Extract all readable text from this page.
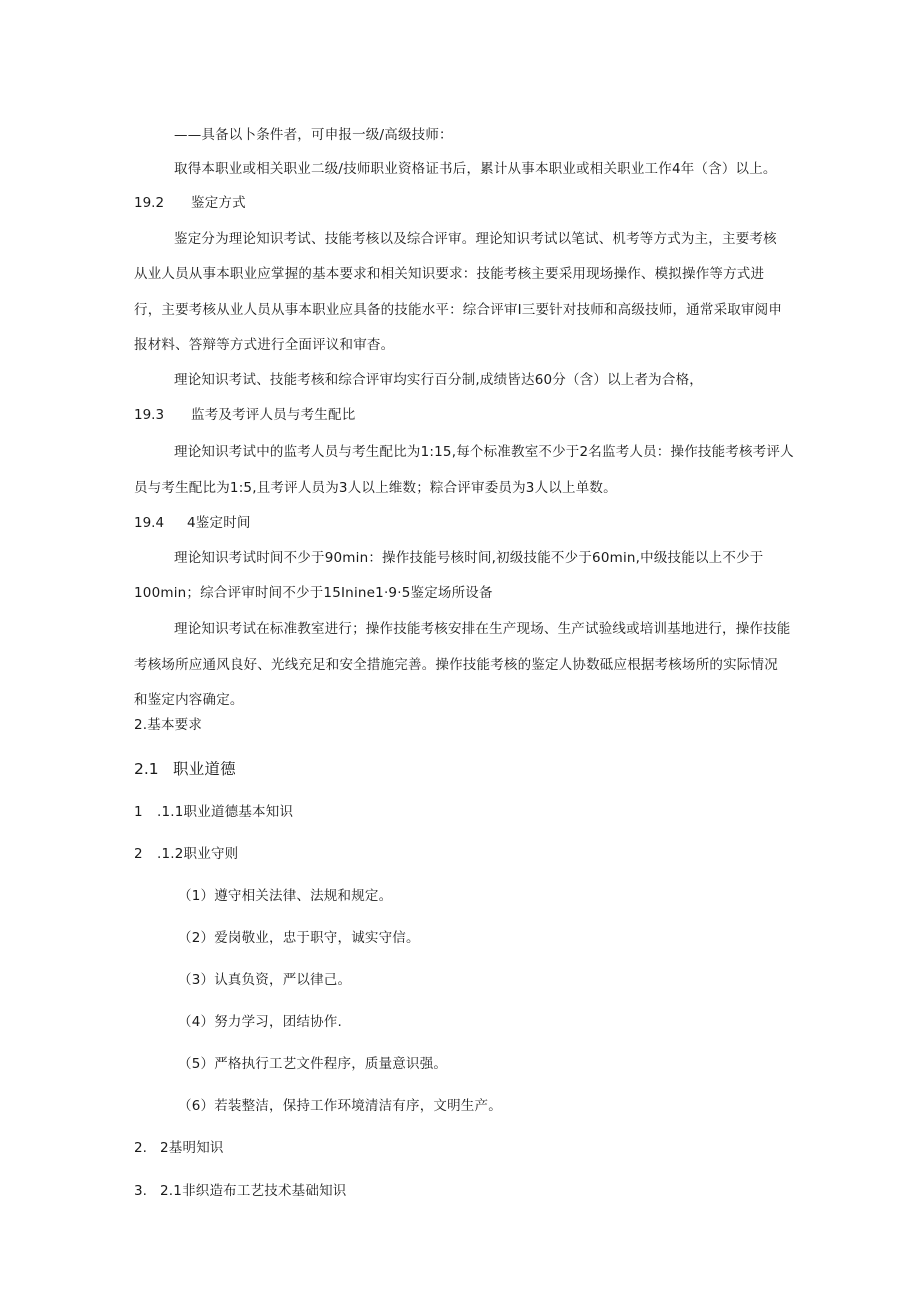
——具备以卜条件者，可申报一级/高级技师：
取得本职业或相关职业二级/技师职业资格证书后，累计从事本职业或相关职业工作4年（含）以上。
19.2 鉴定方式
鉴定分为理论知识考试、技能考核以及综合评审。理论知识考试以笔试、机考等方式为主，主要考核
从业人员从事本职业应掌握的基本要求和相关知识要求：技能考核主要采用现场操作、模拟操作等方式进
行，主要考核从业人员从事本职业应具备的技能水平：综合评审I三要针对技师和高级技师，通常采取审阅申
报材料、答辩等方式进行全面评议和审杳。
理论知识考试、技能考核和综合评审均实行百分制,成绩皆达60分（含）以上者为合格，
19.3 监考及考评人员与考生配比
理论知识考试中的监考人员与考生配比为1:15,每个标准教室不少于2名监考人员：操作技能考核考评人
员与考生配比为1:5,且考评人员为3人以上维数；粽合评审委员为3人以上单数。
19.4 4鉴定时间
理论知识考试时间不少于90min：操作技能号核时间,初级技能不少于60min,中级技能以上不少于
100min；综合评审时间不少于15Inine1·9·5鉴定场所设备
理论知识考试在标准教室进行；操作技能考核安排在生产现场、生产试验线或培训基地进行，操作技能
考核场所应通风良好、光线充足和安全措施完善。操作技能考核的鉴定人协数砥应根据考核场所的实际情况
和鉴定内容确定。
2.基本要求
2.1 职业道德
1 .1.1职业道德基本知识
2 .1.2职业守则
（1）遵守相关法律、法规和规定。
（2）爱岗敬业，忠于职守，诚实守信。
（3）认真负资，严以律己。
（4）努力学习，团结协作.
（5）严格执行工艺文件程序，质量意识强。
（6）若装整洁，保持工作环境清洁有序，文明生产。
2. 2基明知识
3. 2.1非织造布工艺技术基础知识
